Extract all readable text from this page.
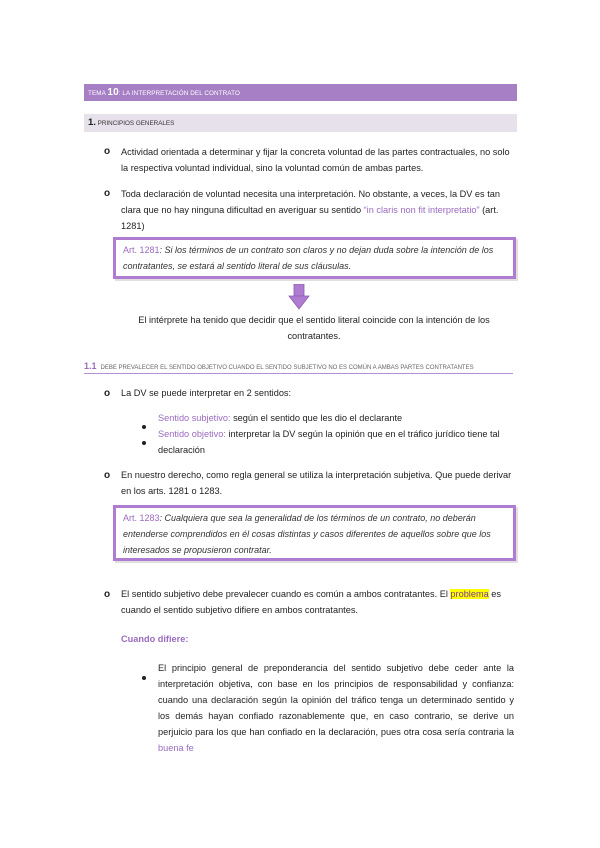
TEMA 10: LA INTERPRETACIÓN DEL CONTRATO
1. PRINCIPIOS GENERALES
o	Actividad orientada a determinar y fijar la concreta voluntad de las partes contractuales, no solo
la respectiva voluntad individual, sino la voluntad común de ambas partes.
o	Toda declaración de voluntad necesita una interpretación. No obstante, a veces, la DV es tan
clara que no hay ninguna dificultad en averiguar su sentido “in claris non fit interpretatio” (art.
1281)
Art. 1281: Si los términos de un contrato son claros y no dejan duda sobre la intención de los
contratantes, se estará al sentido literal de sus cláusulas.
El intérprete ha tenido que decidir que el sentido literal coincide con la intención de los
contratantes.
1.1 DEBE PREVALECER EL SENTIDO OBJETIVO CUANDO EL SENTIDO SUBJETIVO NO ES COMÚN A AMBAS PARTES CONTRATANTES
o	La DV se puede interpretar en 2 sentidos:
Sentido subjetivo: según el sentido que les dio el declarante
Sentido objetivo: interpretar la DV según la opinión que en el tráfico jurídico tiene tal
declaración
o	En nuestro derecho, como regla general se utiliza la interpretación subjetiva. Que puede derivar
en los arts. 1281 o 1283.
Art. 1283: Cualquiera que sea la generalidad de los términos de un contrato, no deberán
entenderse comprendidos en él cosas distintas y casos diferentes de aquellos sobre que los
interesados se propusieron contratar.
o	El sentido subjetivo debe prevalecer cuando es común a ambos contratantes. El problema es
cuando el sentido subjetivo difiere en ambos contratantes.
Cuando difiere:
El principio general de preponderancia del sentido subjetivo debe ceder ante la
interpretación objetiva, con base en los principios de responsabilidad y confianza:
cuando una declaración según la opinión del tráfico tenga un determinado sentido y
los demás hayan confiado razonablemente que, en caso contrario, se derive un
perjuicio para los que han confiado en la declaración, pues otra cosa sería contraria la
buena fe
